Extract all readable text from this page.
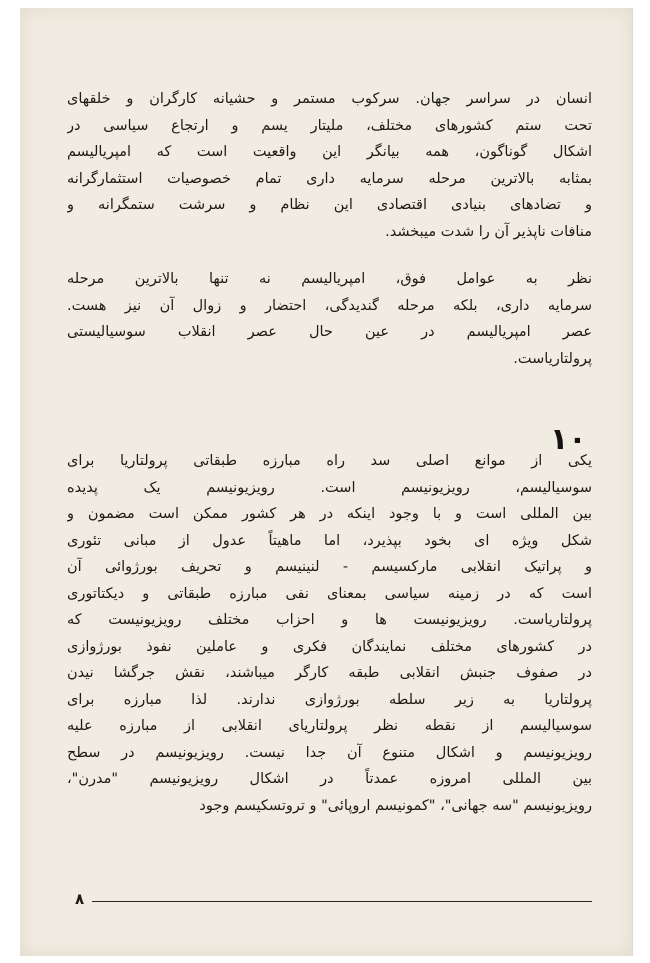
انسان در سراسر جهان. سرکوب مستمر و حشیانه کارگران و خلقهای
تحت ستم کشورهای مختلف، ملیتار یسم و ارتجاع سیاسی در
اشکال گوناگون، همه بیانگر این واقعیت است که امپریالیسم
بمثابه بالاترین مرحله سرمایه داری تمام خصوصیات استثمارگرانه
و تضادهای بنیادی اقتصادی این نظام و سرشت ستمگرانه و
منافات ناپذیر آن را شدت میبخشد.
نظر به عوامل فوق، امپریالیسم نه تنها بالاترین مرحله
سرمایه داری، بلکه مرحله گندیدگی، احتضار و زوال آن نیز هست.
عصر امپریالیسم در عین حال عصر انقلاب سوسیالیستی
پرولتاریاست.
۱۰
یکی از موانع اصلی سد راه مبارزه طبقاتی پرولتاریا برای
سوسیالیسم، رویزیونیسم است. رویزیونیسم یک پدیده
بین المللی است و با وجود اینکه در هر کشور ممکن است مضمون و
شکل ویژه ای بخود بپذیرد، اما ماهیتاً عدول از مبانی تئوری
و پراتیک انقلابی مارکسیسم - لنینیسم و تحریف بورژوائی آن
است که در زمینه سیاسی بمعنای نفی مبارزه طبقاتی و دیکتاتوری
پرولتاریاست. رویزیونیست ها و احزاب مختلف رویزیونیست که
در کشورهای مختلف نمایندگان فکری و عاملین نفوذ بورژوازی
در صفوف جنبش انقلابی طبقه کارگر میباشند، نقش جرگشا نیدن
پرولتاریا به زیر سلطه بورژوازی ندارند. لذا مبارزه برای
سوسیالیسم از نقطه نظر پرولتاریای انقلابی از مبارزه علیه
رویزیونیسم و اشکال متنوع آن جدا نیست. رویزیونیسم در سطح
بین المللی امروزه عمدتاً در اشکال رویزیونیسم "مدرن"،
رویزیونیسم "سه جهانی"، "کمونیسم اروپائی" و تروتسکیسم وجود
۸
